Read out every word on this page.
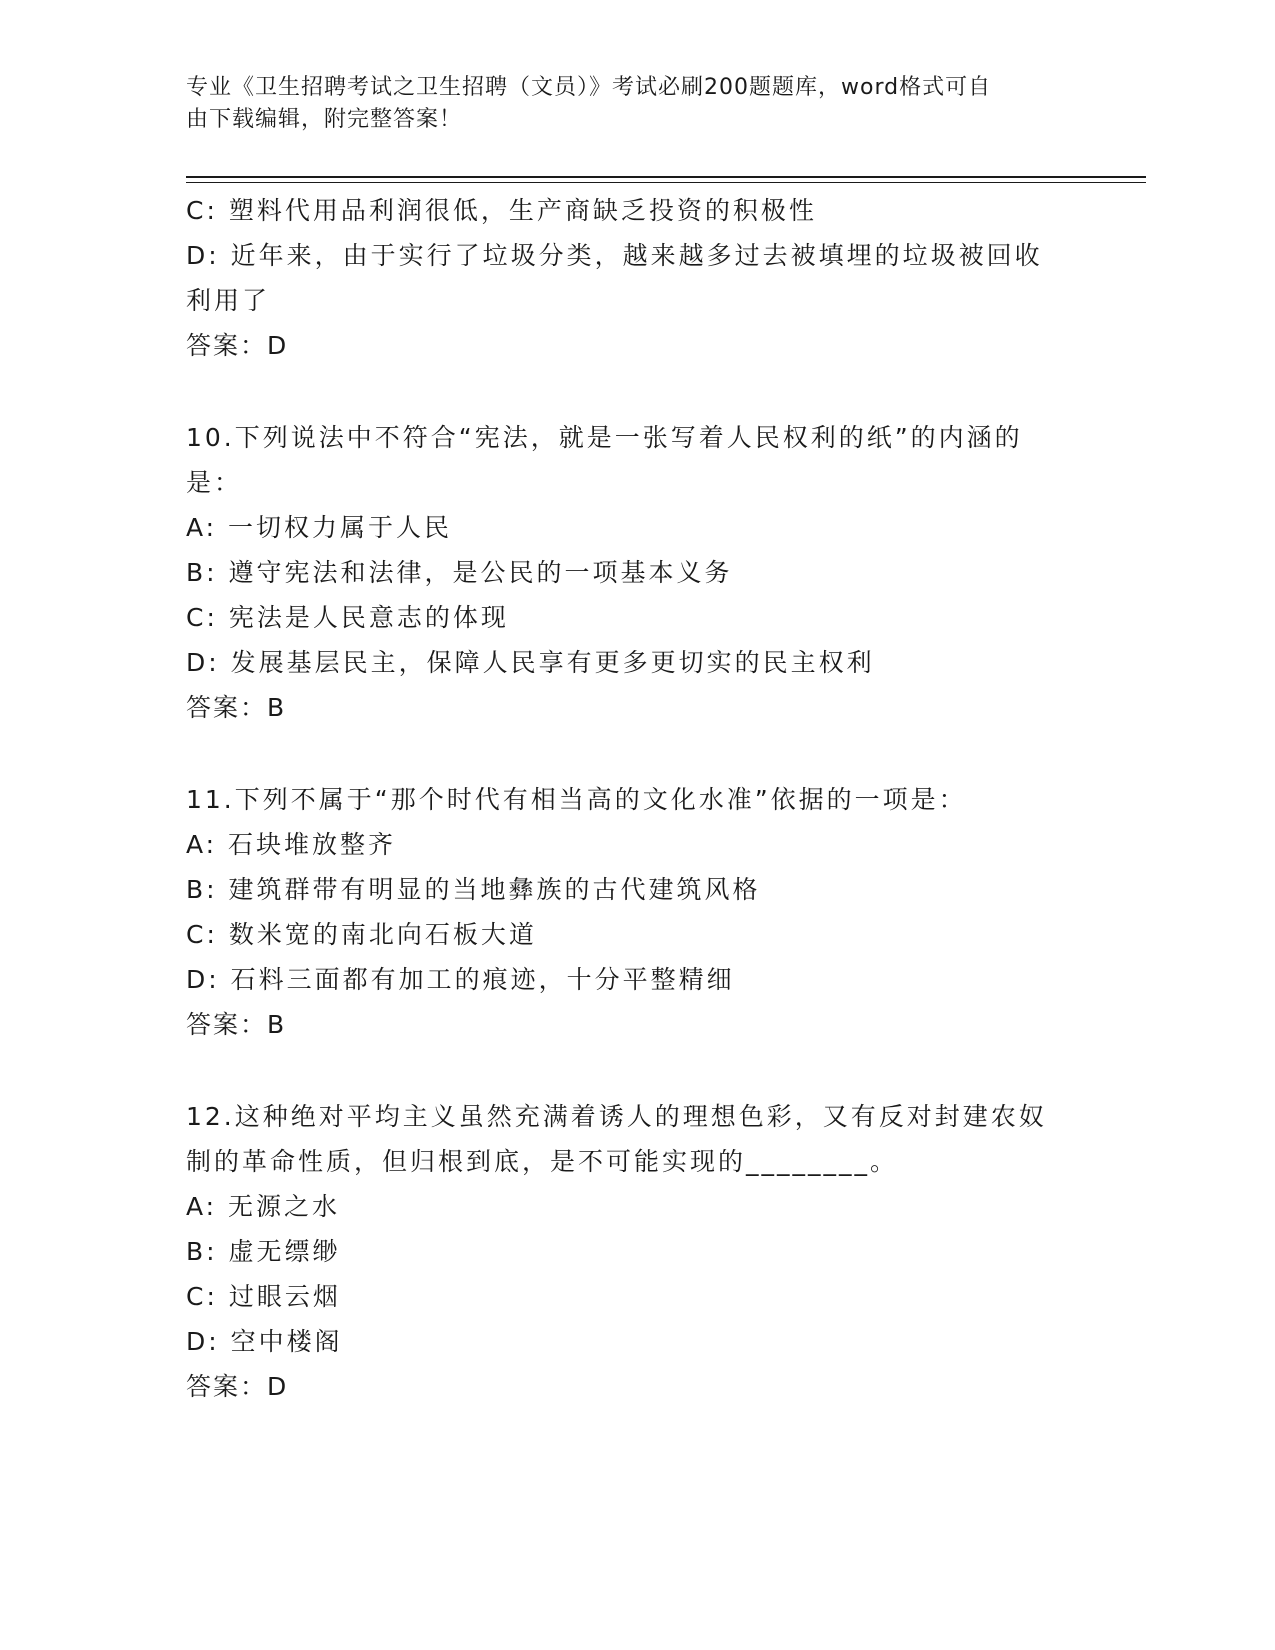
专业《卫生招聘考试之卫生招聘（文员）》考试必刷200题题库，word格式可自
由下载编辑，附完整答案！
C: 塑料代用品利润很低，生产商缺乏投资的积极性
D: 近年来，由于实行了垃圾分类，越来越多过去被填埋的垃圾被回收
利用了
答案：D
10.下列说法中不符合“宪法，就是一张写着人民权利的纸”的内涵的
是：
A: 一切权力属于人民
B: 遵守宪法和法律，是公民的一项基本义务
C: 宪法是人民意志的体现
D: 发展基层民主，保障人民享有更多更切实的民主权利
答案：B
11.下列不属于“那个时代有相当高的文化水准”依据的一项是：
A: 石块堆放整齐
B: 建筑群带有明显的当地彝族的古代建筑风格
C: 数米宽的南北向石板大道
D: 石料三面都有加工的痕迹，十分平整精细
答案：B
12.这种绝对平均主义虽然充满着诱人的理想色彩，又有反对封建农奴
制的革命性质，但归根到底，是不可能实现的________。
A: 无源之水
B: 虚无缥缈
C: 过眼云烟
D: 空中楼阁
答案：D
